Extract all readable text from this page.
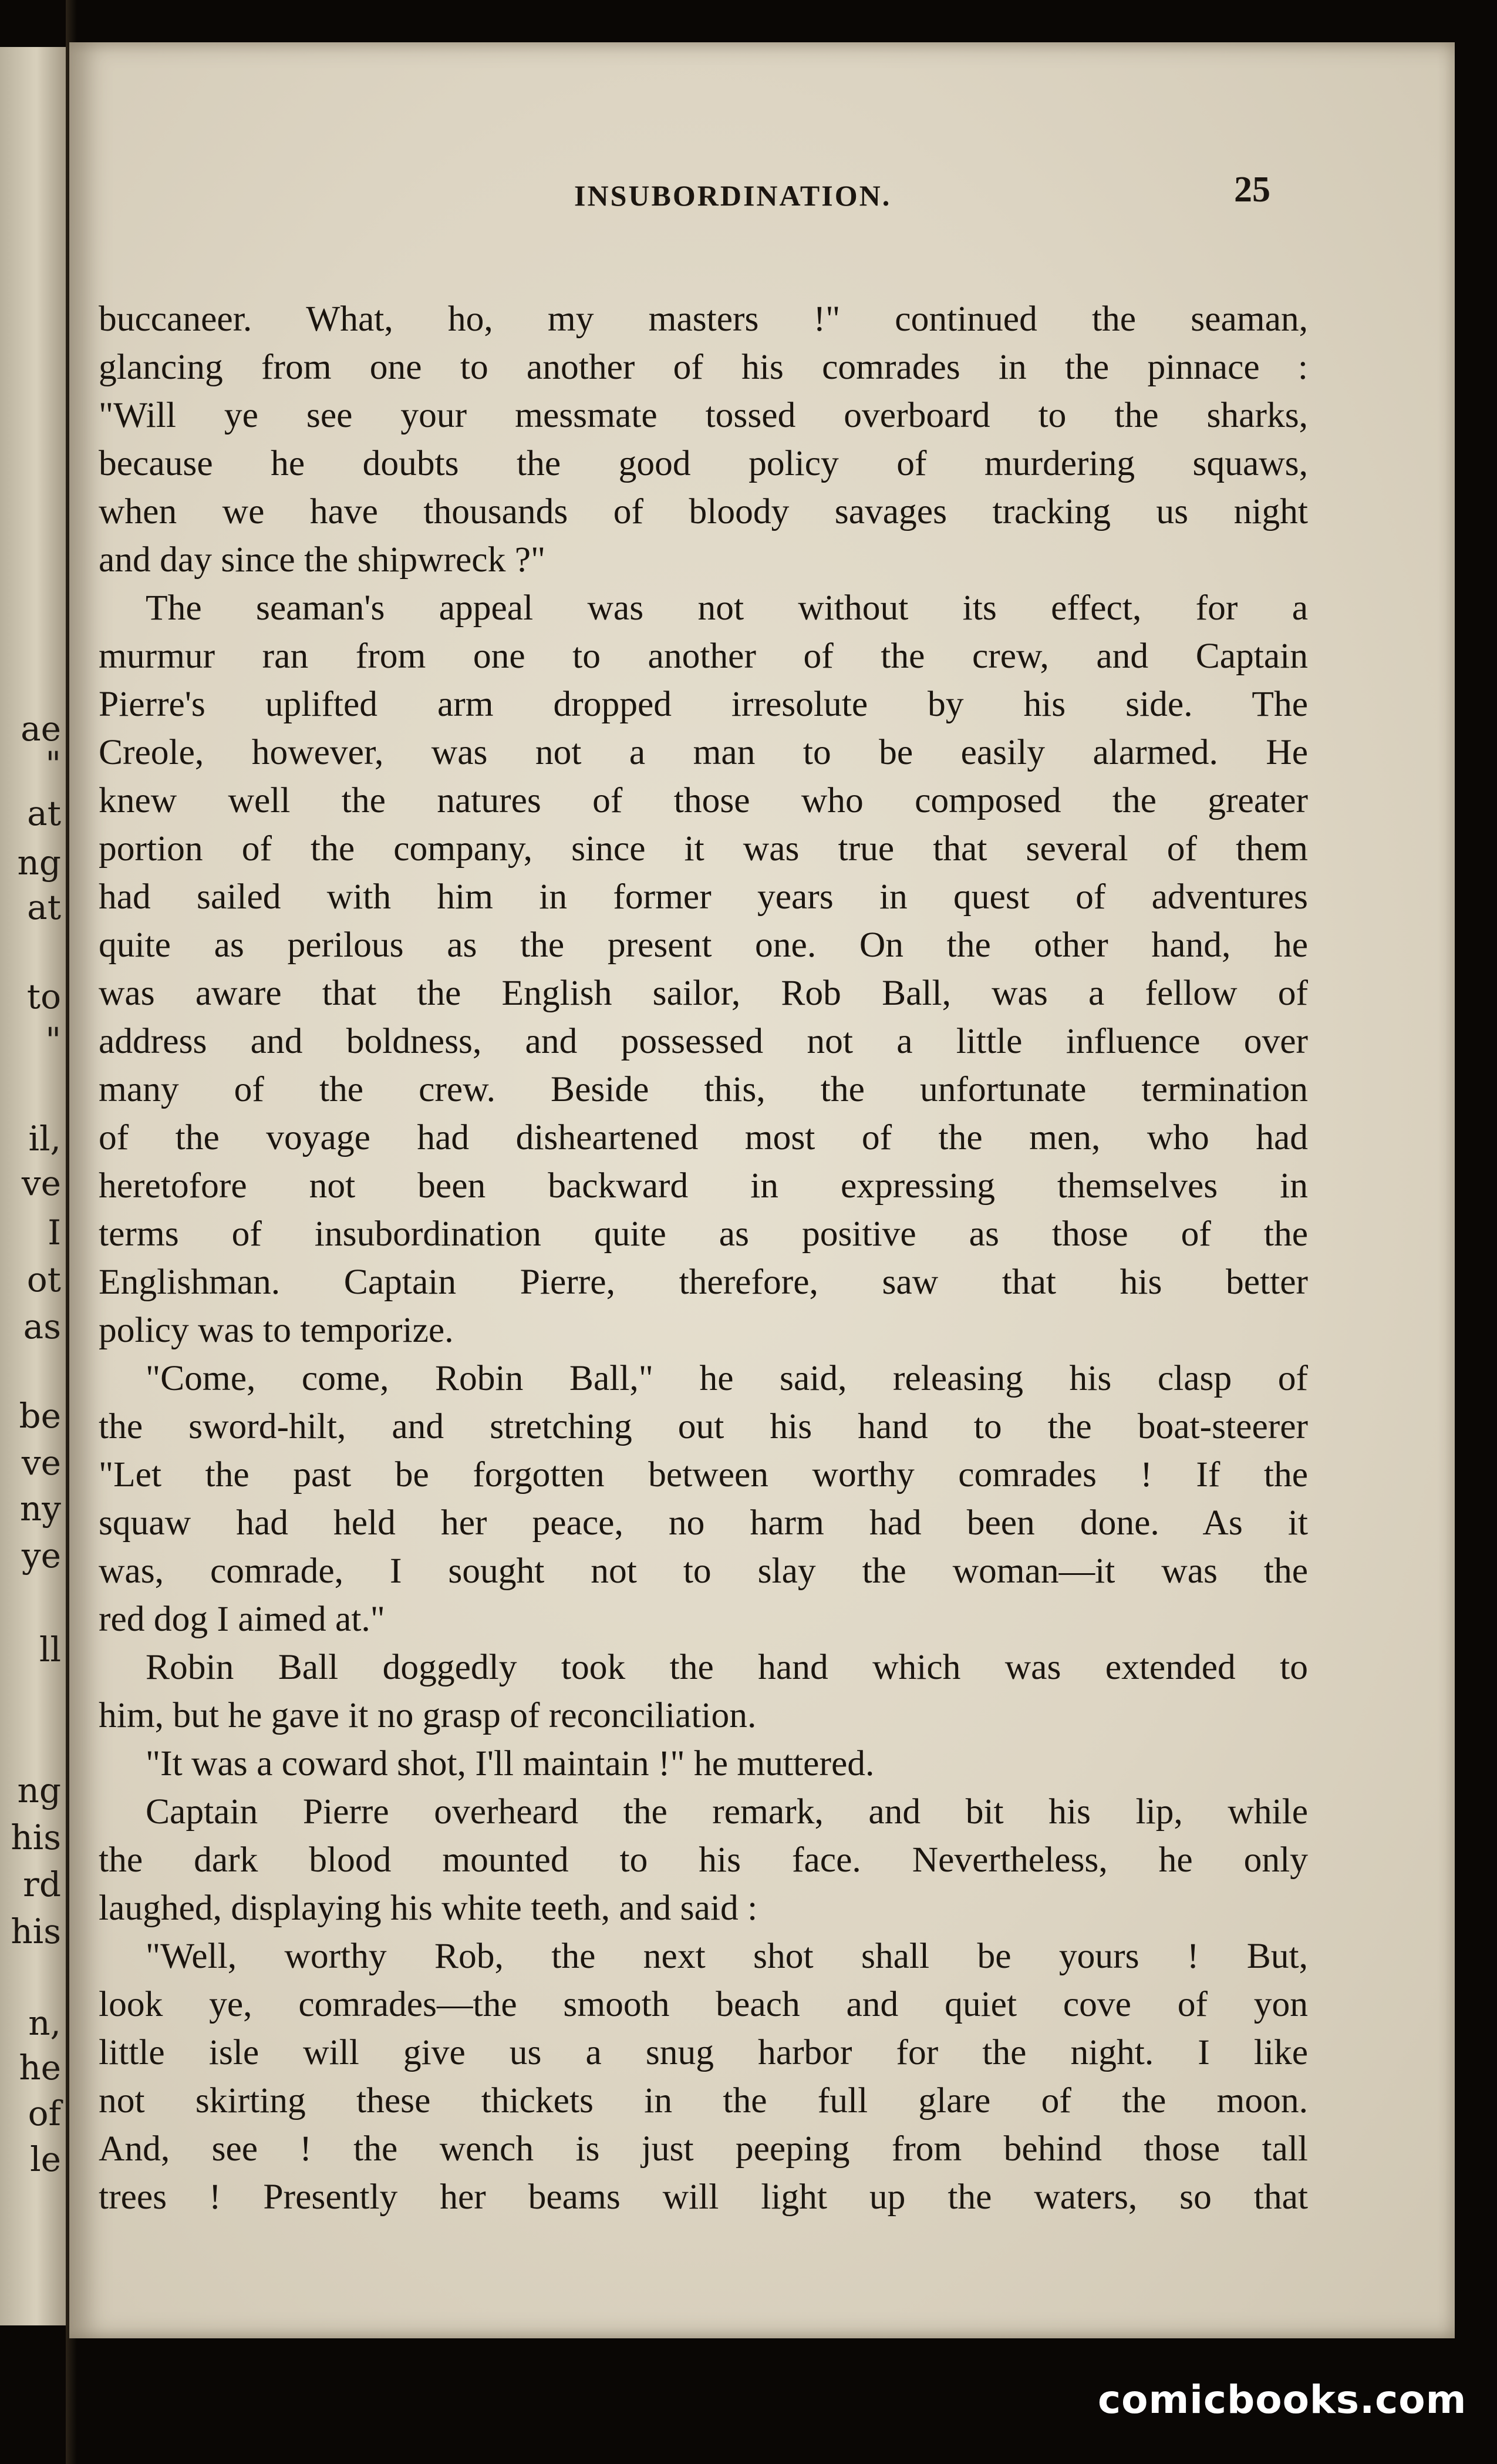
ae
"
at
ng
at
to
"
il,
ve
I
ot
as
be
ve
ny
ye
ll
ng
his
rd
his
n,
he
of
le
INSUBORDINATION.	25
buccaneer. What, ho, my masters !" continued the seaman,
glancing from one to another of his comrades in the pinnace :
"Will ye see your messmate tossed overboard to the sharks,
because he doubts the good policy of murdering squaws,
when we have thousands of bloody savages tracking us night
and day since the shipwreck ?"
The seaman's appeal was not without its effect, for a
murmur ran from one to another of the crew, and Captain
Pierre's uplifted arm dropped irresolute by his side. The
Creole, however, was not a man to be easily alarmed. He
knew well the natures of those who composed the greater
portion of the company, since it was true that several of them
had sailed with him in former years in quest of adventures
quite as perilous as the present one. On the other hand, he
was aware that the English sailor, Rob Ball, was a fellow of
address and boldness, and possessed not a little influence over
many of the crew. Beside this, the unfortunate termination
of the voyage had disheartened most of the men, who had
heretofore not been backward in expressing themselves in
terms of insubordination quite as positive as those of the
Englishman. Captain Pierre, therefore, saw that his better
policy was to temporize.
"Come, come, Robin Ball," he said, releasing his clasp of
the sword-hilt, and stretching out his hand to the boat-steerer
"Let the past be forgotten between worthy comrades ! If the
squaw had held her peace, no harm had been done. As it
was, comrade, I sought not to slay the woman—it was the
red dog I aimed at."
Robin Ball doggedly took the hand which was extended to
him, but he gave it no grasp of reconciliation.
"It was a coward shot, I'll maintain !" he muttered.
Captain Pierre overheard the remark, and bit his lip, while
the dark blood mounted to his face. Nevertheless, he only
laughed, displaying his white teeth, and said :
"Well, worthy Rob, the next shot shall be yours ! But,
look ye, comrades—the smooth beach and quiet cove of yon
little isle will give us a snug harbor for the night. I like
not skirting these thickets in the full glare of the moon.
And, see ! the wench is just peeping from behind those tall
trees ! Presently her beams will light up the waters, so that
comicbooks.com
